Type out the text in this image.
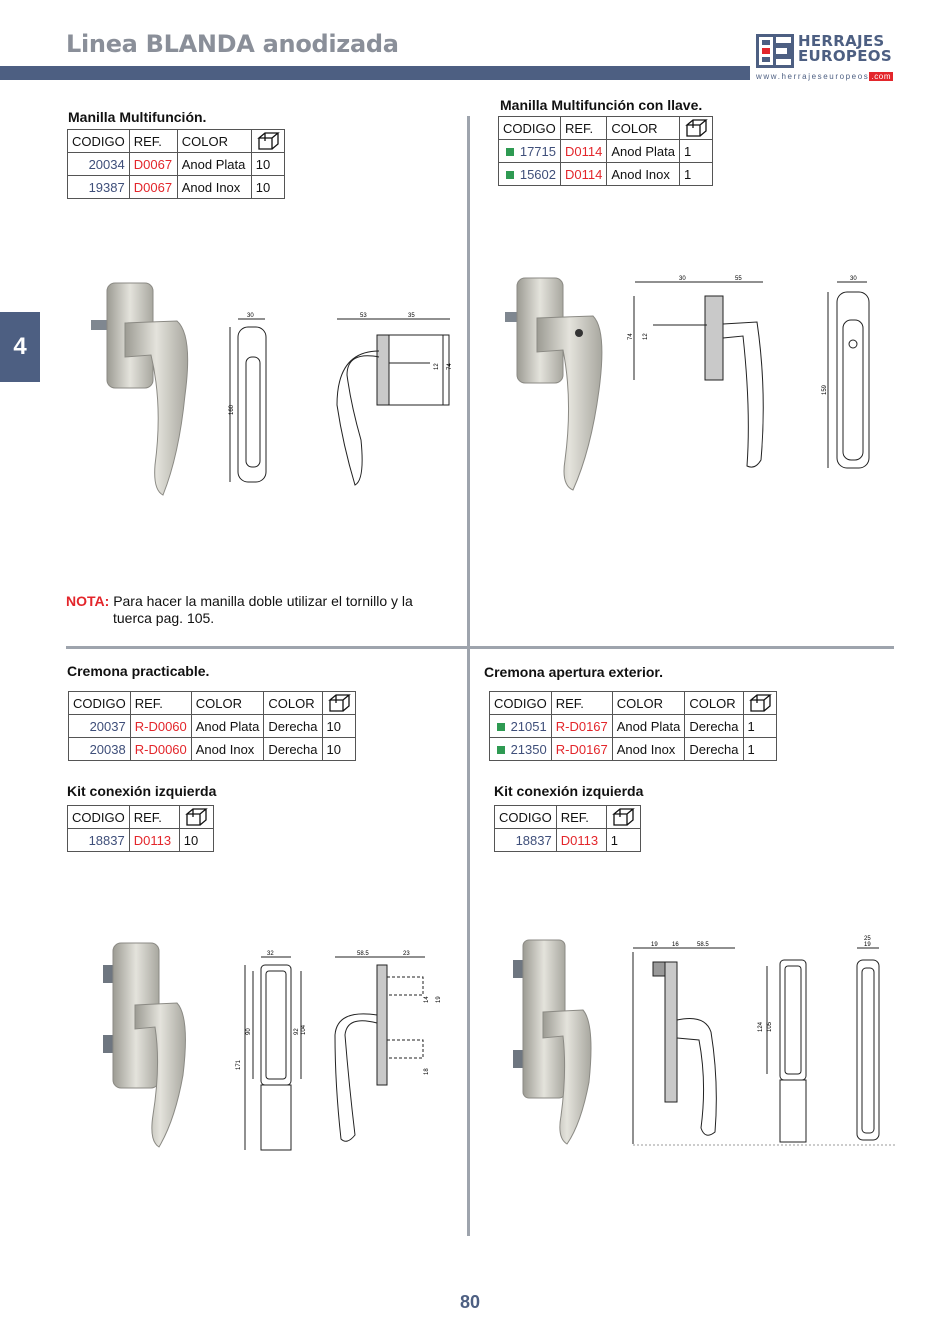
Linea BLANDA anodizada	HERRAJES
EUROPEOS
www.herrajeseuropeos .com
4
Manilla Multifunción.
CODIGO	REF.	COLOR	

20034	D0067	Anod Plata	10
19387	D0067	Anod Inox	10
Manilla Multifunción con llave.
CODIGO	REF.	COLOR	

17715	D0114	Anod Plata	1
15602	D0114	Anod Inox	1
30
160
53	35
12 74
30	55
74 12
30
159
NOTA: Para hacer la manilla doble utilizar el tornillo y la
tuerca pag. 105.
Cremona practicable.
CODIGO	REF.	COLOR	COLOR	

20037	R-D0060	Anod Plata	Derecha	10
20038	R-D0060	Anod Inox	Derecha	10
Cremona apertura exterior.
CODIGO	REF.	COLOR	COLOR	

21051	R-D0167	Anod Plata	Derecha	1
21350	R-D0167	Anod Inox	Derecha	1
Kit conexión izquierda
CODIGO	REF.	

18837	D0113	10
Kit conexión izquierda
CODIGO	REF.	

18837	D0113	1
32
171
90	92 104
58.5	23
14 19
18
19 16	58.5
124 105
25
19
80
